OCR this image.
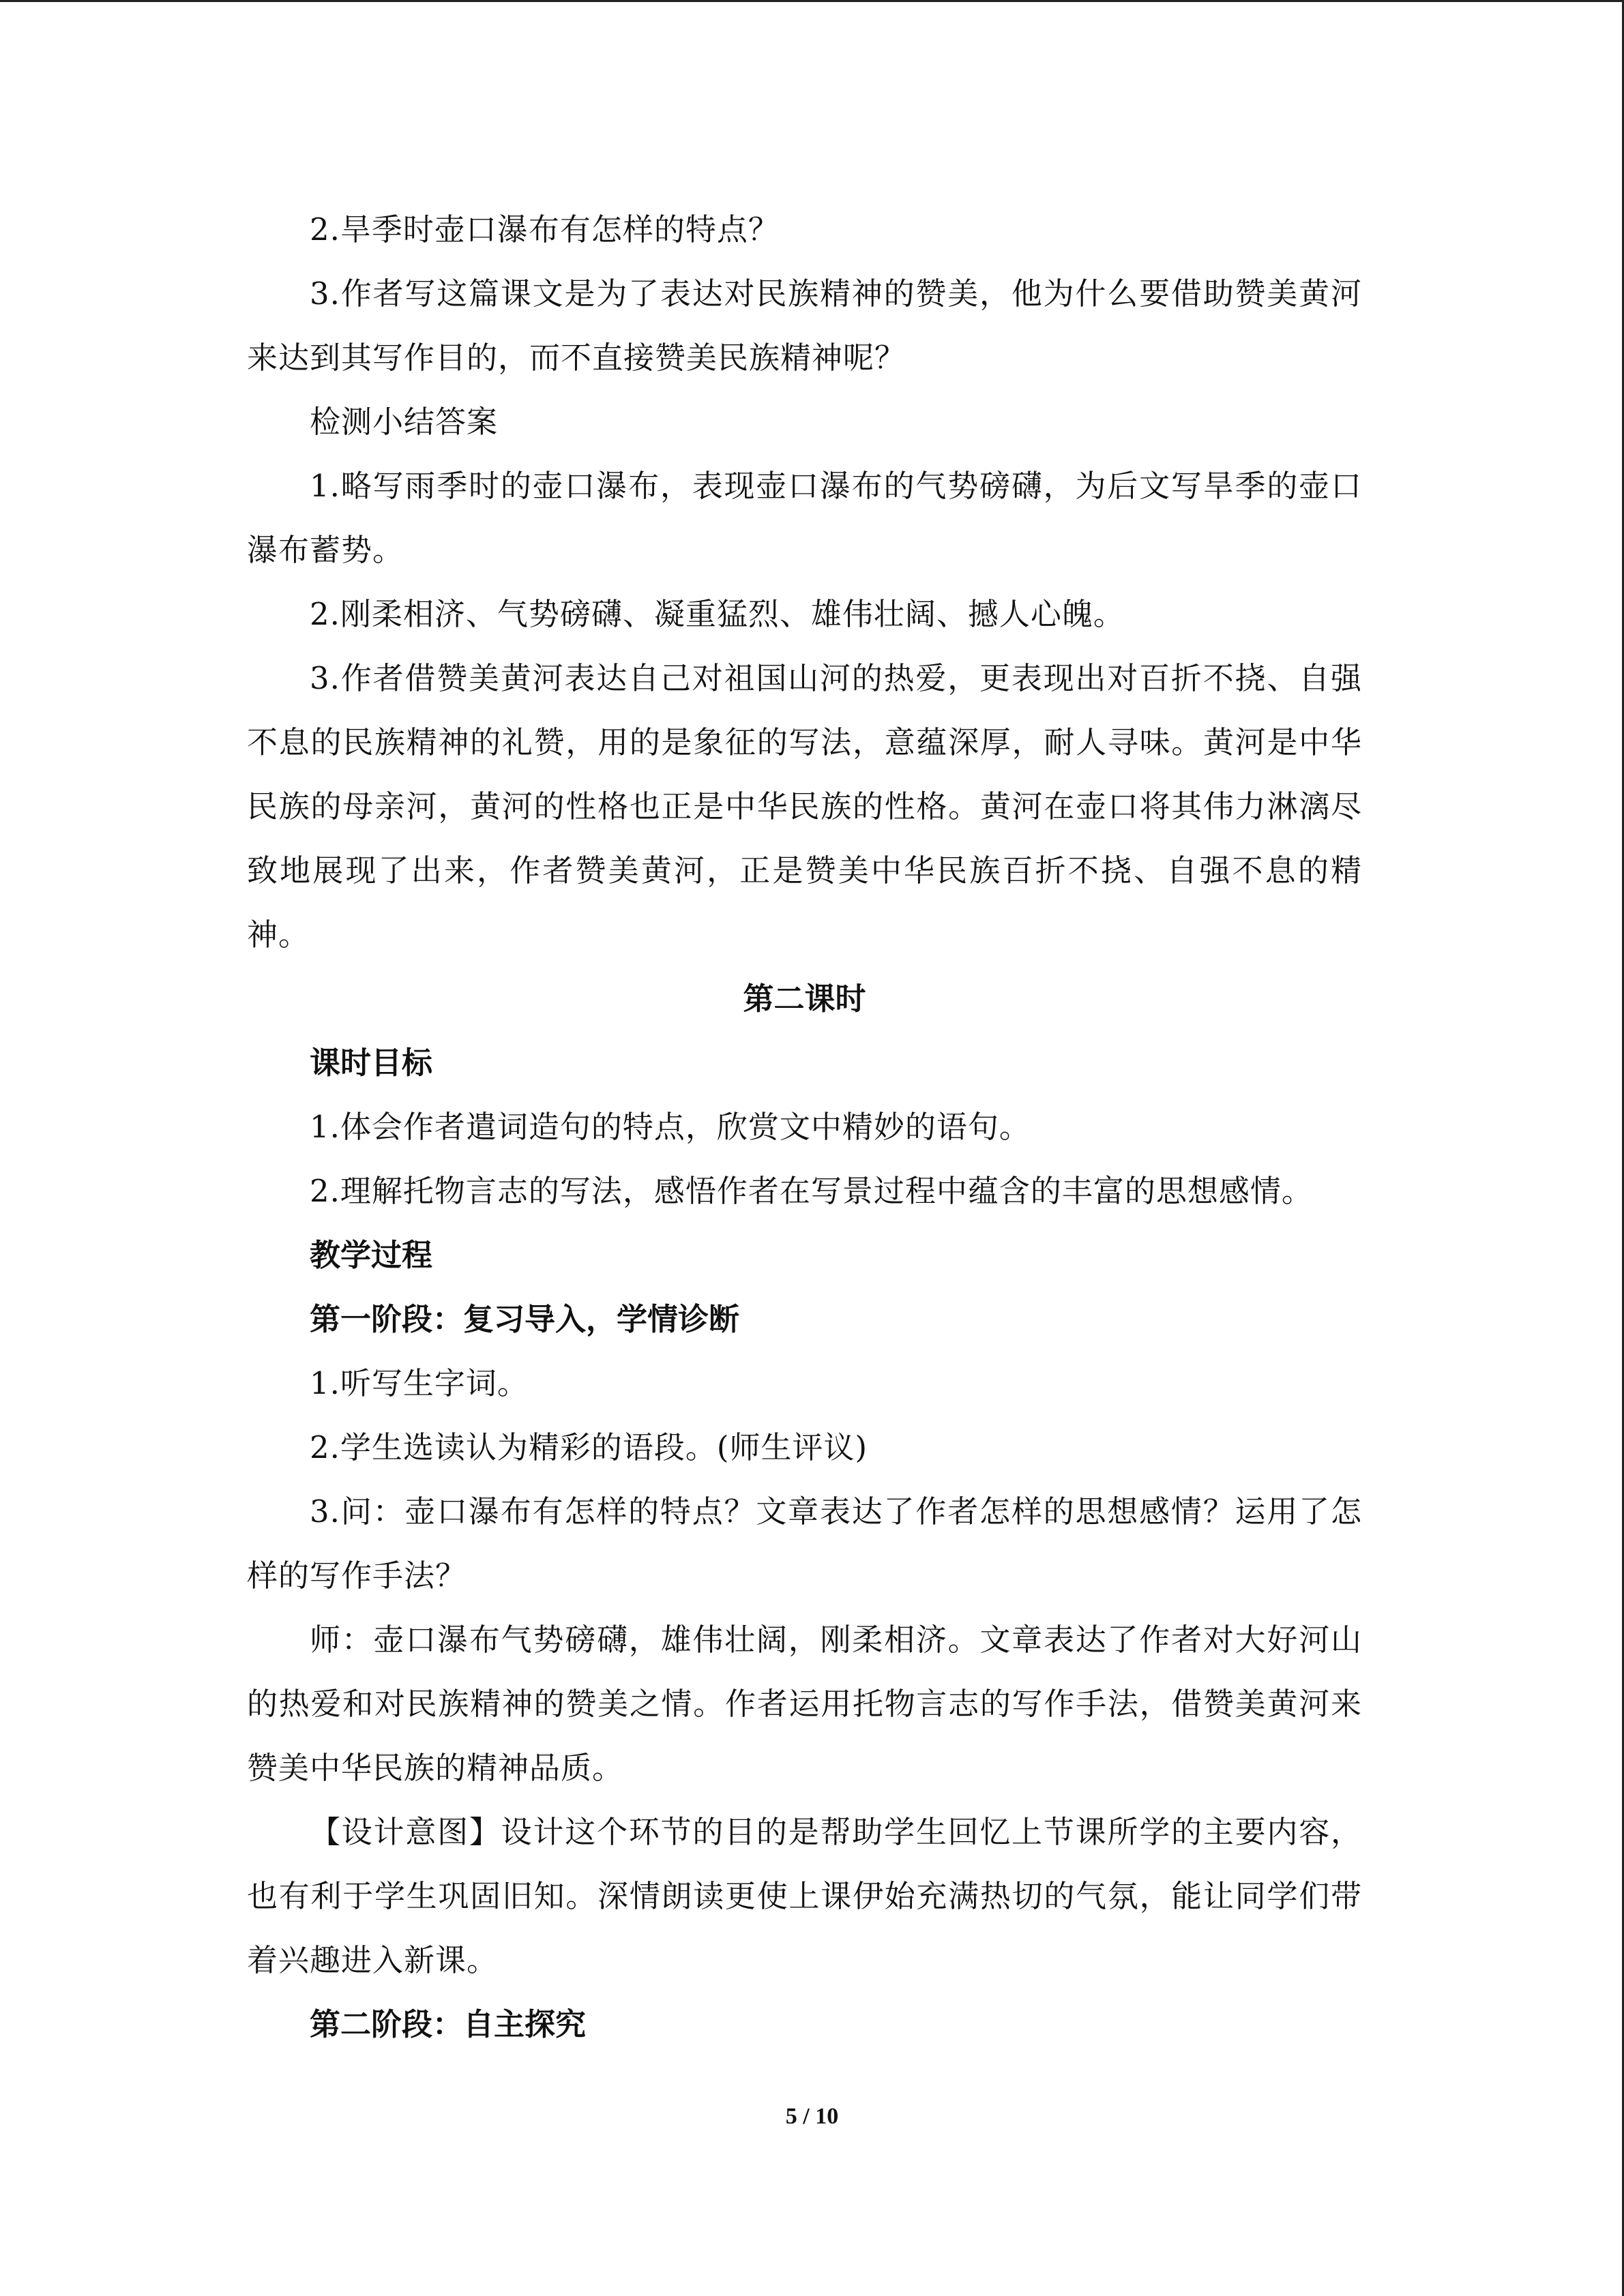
2.旱季时壶口瀑布有怎样的特点？

3.作者写这篇课文是为了表达对民族精神的赞美，他为什么要借助赞美黄河来达到其写作目的，而不直接赞美民族精神呢？

检测小结答案

1.略写雨季时的壶口瀑布，表现壶口瀑布的气势磅礴，为后文写旱季的壶口瀑布蓄势。

2.刚柔相济、气势磅礴、凝重猛烈、雄伟壮阔、撼人心魄。

3.作者借赞美黄河表达自己对祖国山河的热爱，更表现出对百折不挠、自强不息的民族精神的礼赞，用的是象征的写法，意蕴深厚，耐人寻味。黄河是中华民族的母亲河，黄河的性格也正是中华民族的性格。黄河在壶口将其伟力淋漓尽致地展现了出来，作者赞美黄河，正是赞美中华民族百折不挠、自强不息的精神。

第二课时

课时目标

1.体会作者遣词造句的特点，欣赏文中精妙的语句。

2.理解托物言志的写法，感悟作者在写景过程中蕴含的丰富的思想感情。

教学过程

第一阶段：复习导入，学情诊断

1.听写生字词。

2.学生选读认为精彩的语段。(师生评议)

3.问：壶口瀑布有怎样的特点？文章表达了作者怎样的思想感情？运用了怎样的写作手法？

师：壶口瀑布气势磅礴，雄伟壮阔，刚柔相济。文章表达了作者对大好河山的热爱和对民族精神的赞美之情。作者运用托物言志的写作手法，借赞美黄河来赞美中华民族的精神品质。

【设计意图】设计这个环节的目的是帮助学生回忆上节课所学的主要内容，也有利于学生巩固旧知。深情朗读更使上课伊始充满热切的气氛，能让同学们带着兴趣进入新课。

第二阶段：自主探究

5 / 10
